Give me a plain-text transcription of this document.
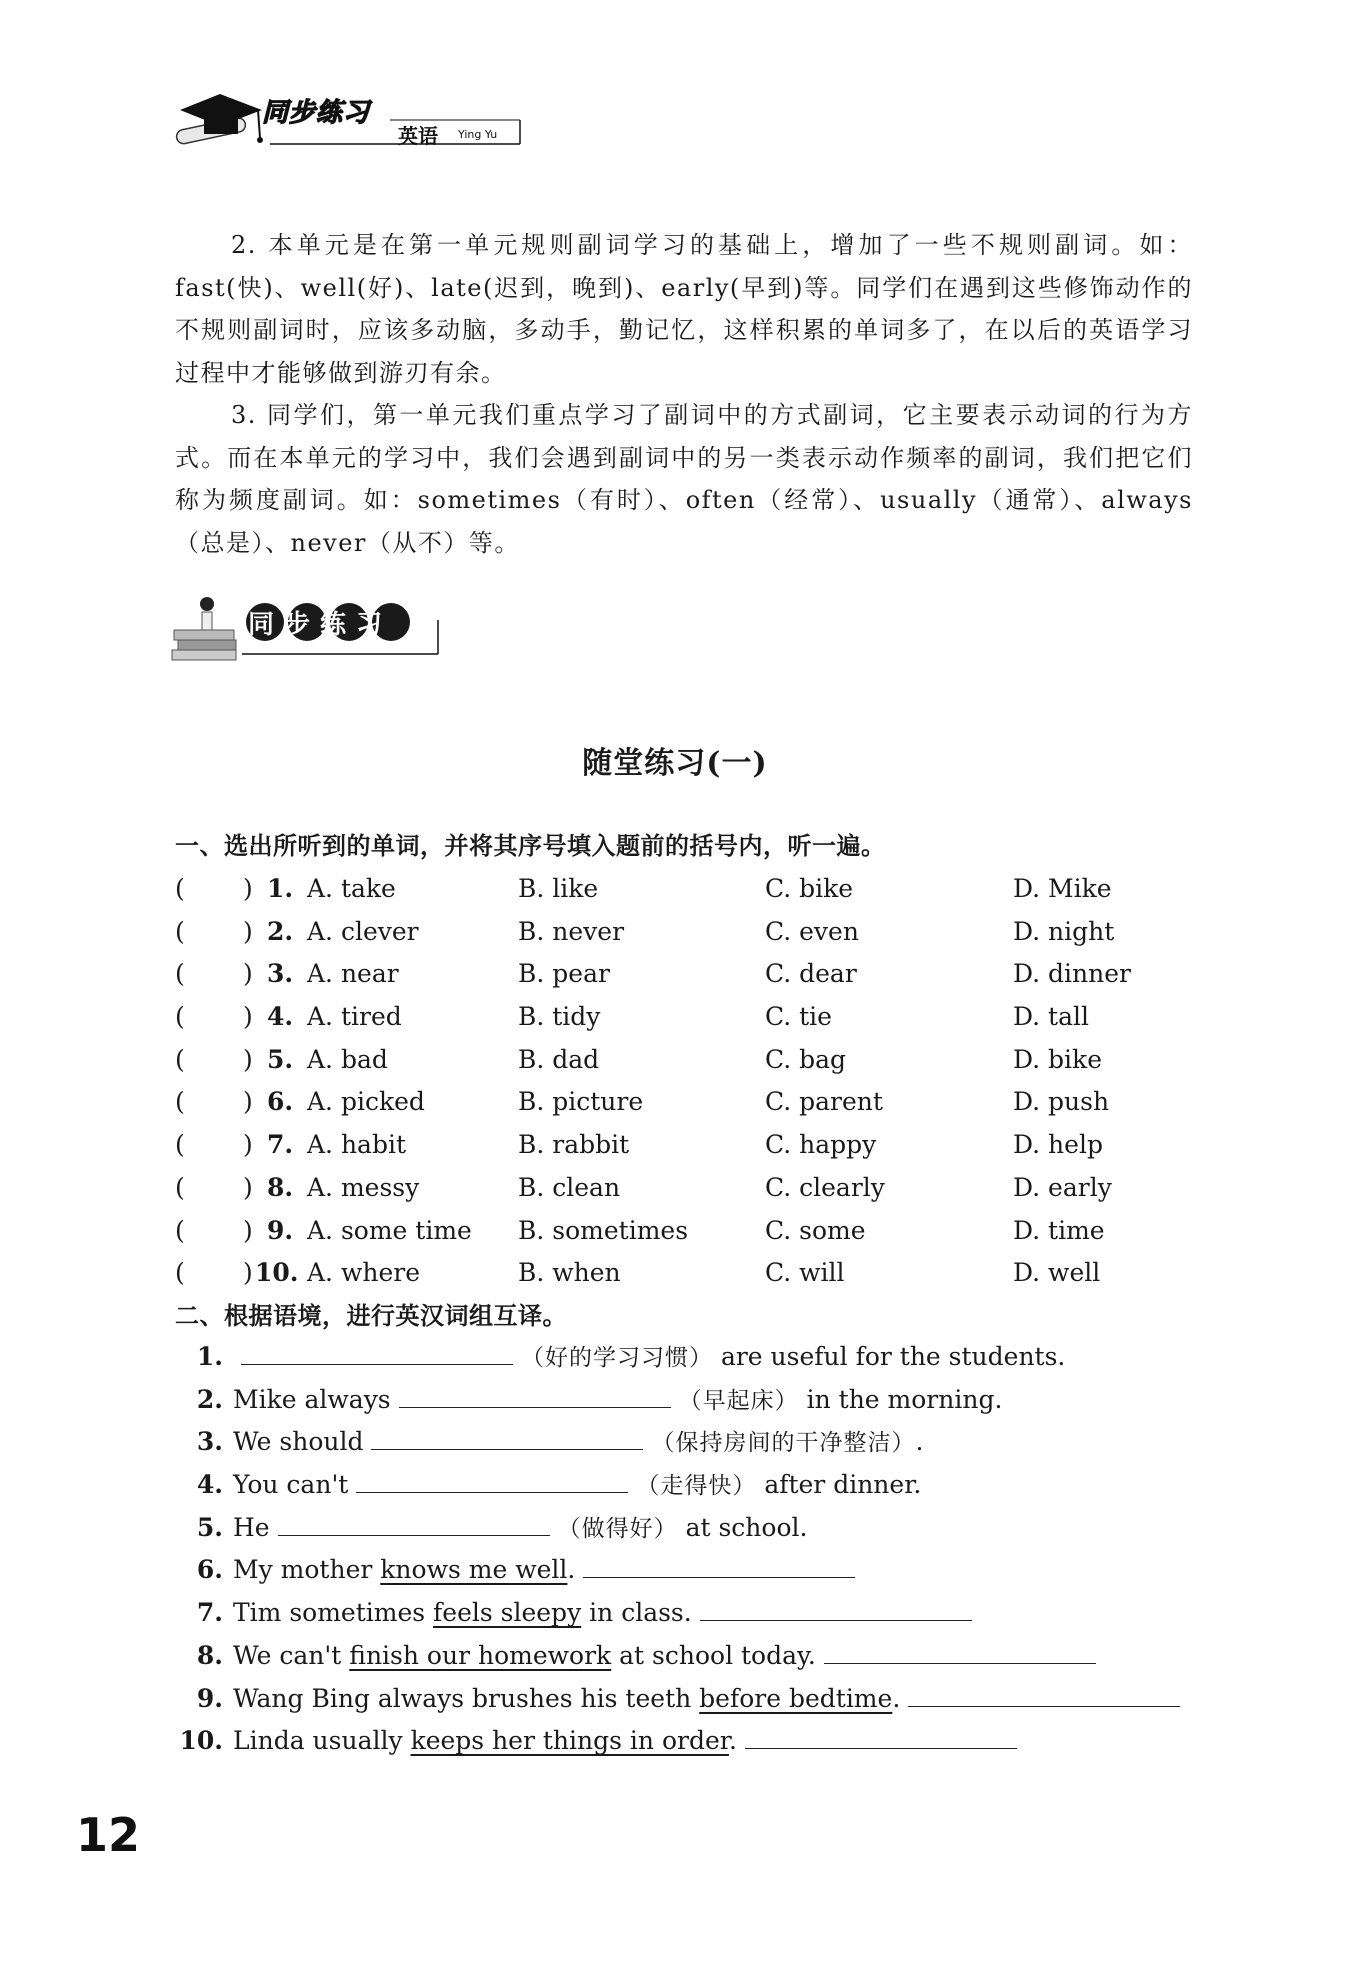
同步练习
英语 Ying Yu

2. 本单元是在第一单元规则副词学习的基础上，增加了一些不规则副词。如：fast(快)、well(好)、late(迟到，晚到)、early(早到)等。同学们在遇到这些修饰动作的不规则副词时，应该多动脑，多动手，勤记忆，这样积累的单词多了，在以后的英语学习过程中才能够做到游刃有余。

3. 同学们，第一单元我们重点学习了副词中的方式副词，它主要表示动词的行为方式。而在本单元的学习中，我们会遇到副词中的另一类表示动作频率的副词，我们把它们称为频度副词。如：sometimes（有时）、often（经常）、usually（通常）、always（总是）、never（从不）等。

同步练习
随堂练习(一)
一、选出所听到的单词，并将其序号填入题前的括号内，听一遍。
( ) 1. A. take	B. like	C. bike	D. Mike
( ) 2. A. clever	B. never	C. even	D. night
( ) 3. A. near	B. pear	C. dear	D. dinner
( ) 4. A. tired	B. tidy	C. tie	D. tall
( ) 5. A. bad	B. dad	C. bag	D. bike
( ) 6. A. picked	B. picture	C. parent	D. push
( ) 7. A. habit	B. rabbit	C. happy	D. help
( ) 8. A. messy	B. clean	C. clearly	D. early
( ) 9. A. some time B. sometimes	C. some	D. time
( ) 10. A. where	B. when	C. will	D. well
二、根据语境，进行英汉词组互译。
1.	（好的学习习惯） are useful for the students.
2. Mike always	（早起床） in the morning.
3. We should	（保持房间的干净整洁）.
4. You can't	（走得快） after dinner.
5. He	（做得好） at school.
6. My mother knows me well.
7. Tim sometimes feels sleepy in class.
8. We can't finish our homework at school today.
9. Wang Bing always brushes his teeth before bedtime.
10. Linda usually keeps her things in order.
12
